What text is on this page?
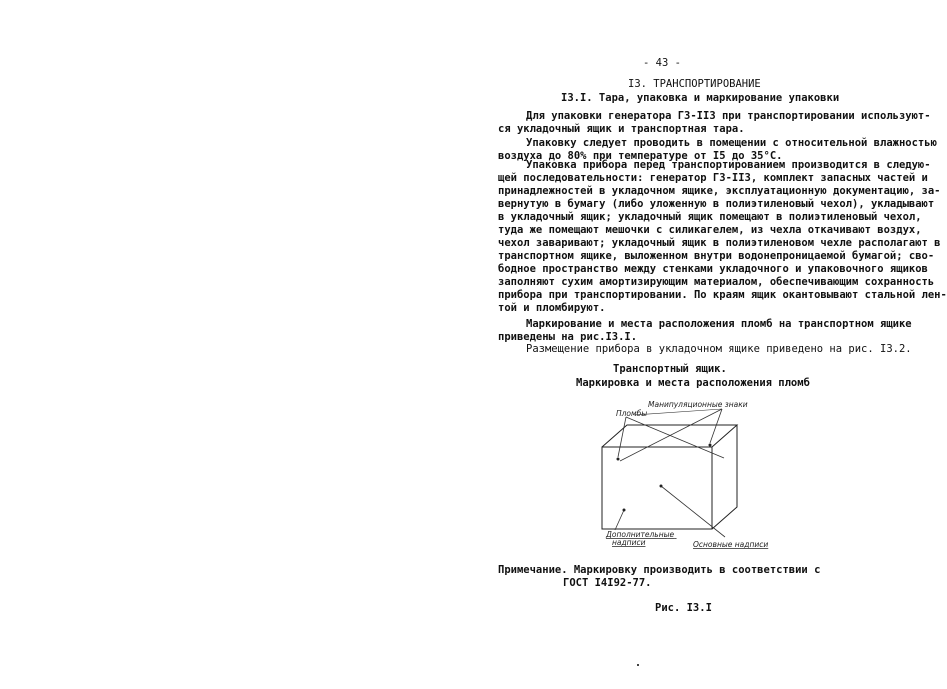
- 43 -
I3. ТРАНСПОРТИРОВАНИЕ
I3.I. Тара, упаковка и маркирование упаковки
Для упаковки генератора Г3-II3 при транспортировании используют-
ся укладочный ящик и транспортная тара.
Упаковку следует проводить в помещении с относительной влажностью
воздуха до 80% при температуре от I5 до 35°С.
Упаковка прибора перед транспортированием производится в следую-
щей последовательности: генератор Г3-II3, комплект запасных частей и
принадлежностей в укладочном ящике, эксплуатационную документацию, за-
вернутую в бумагу (либо уложенную в полиэтиленовый чехол), укладывают
в укладочный ящик; укладочный ящик помещают в полиэтиленовый чехол,
туда же помещают мешочки с силикагелем, из чехла откачивают воздух,
чехол заваривают; укладочный ящик в полиэтиленовом чехле располагают в
транспортном ящике, выложенном внутри водонепроницаемой бумагой; сво-
бодное пространство между стенками укладочного и упаковочного ящиков
заполняют сухим амортизирующим материалом, обеспечивающим сохранность
прибора при транспортировании. По краям ящик окантовывают стальной лен-
той и пломбируют.
Маркирование и места расположения пломб на транспортном ящике
приведены на рис.I3.I.
Размещение прибора в укладочном ящике приведено на рис. I3.2.
Транспортный ящик.
Маркировка и места расположения пломб
Манипуляционные знаки
Пломбы
Дополнительные надписи	Основные надписи
Примечание. Маркировку производить в соответствии с
ГОСТ I4I92-77.
Рис. I3.I
